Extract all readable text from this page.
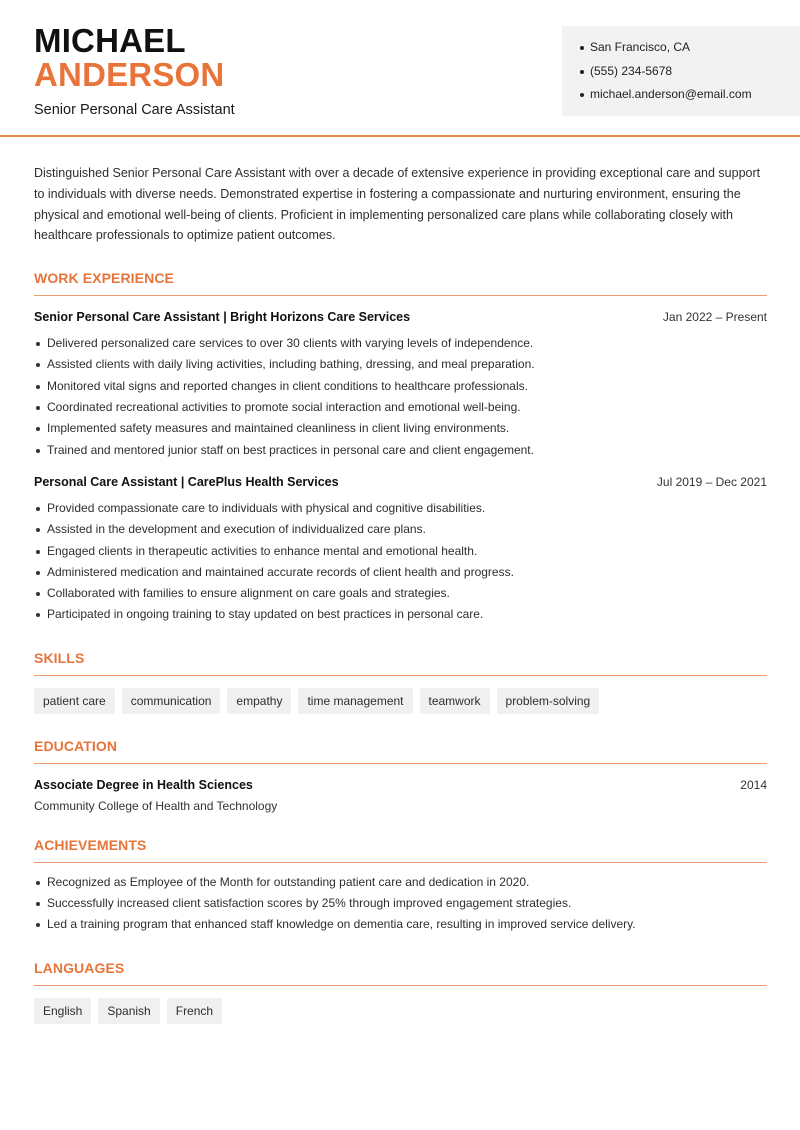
MICHAEL
ANDERSON
Senior Personal Care Assistant
San Francisco, CA
(555) 234-5678
michael.anderson@email.com

Distinguished Senior Personal Care Assistant with over a decade of extensive experience in providing exceptional care and support to individuals with diverse needs. Demonstrated expertise in fostering a compassionate and nurturing environment, ensuring the physical and emotional well-being of clients. Proficient in implementing personalized care plans while collaborating closely with healthcare professionals to optimize patient outcomes.

WORK EXPERIENCE
Senior Personal Care Assistant | Bright Horizons Care Services	Jan 2022 – Present
Delivered personalized care services to over 30 clients with varying levels of independence.
Assisted clients with daily living activities, including bathing, dressing, and meal preparation.
Monitored vital signs and reported changes in client conditions to healthcare professionals.
Coordinated recreational activities to promote social interaction and emotional well-being.
Implemented safety measures and maintained cleanliness in client living environments.
Trained and mentored junior staff on best practices in personal care and client engagement.
Personal Care Assistant | CarePlus Health Services	Jul 2019 – Dec 2021
Provided compassionate care to individuals with physical and cognitive disabilities.
Assisted in the development and execution of individualized care plans.
Engaged clients in therapeutic activities to enhance mental and emotional health.
Administered medication and maintained accurate records of client health and progress.
Collaborated with families to ensure alignment on care goals and strategies.
Participated in ongoing training to stay updated on best practices in personal care.
SKILLS
patient care	communication	empathy	time management	teamwork	problem-solving
EDUCATION
Associate Degree in Health Sciences	2014
Community College of Health and Technology
ACHIEVEMENTS
Recognized as Employee of the Month for outstanding patient care and dedication in 2020.
Successfully increased client satisfaction scores by 25% through improved engagement strategies.
Led a training program that enhanced staff knowledge on dementia care, resulting in improved service delivery.
LANGUAGES
English	Spanish	French
